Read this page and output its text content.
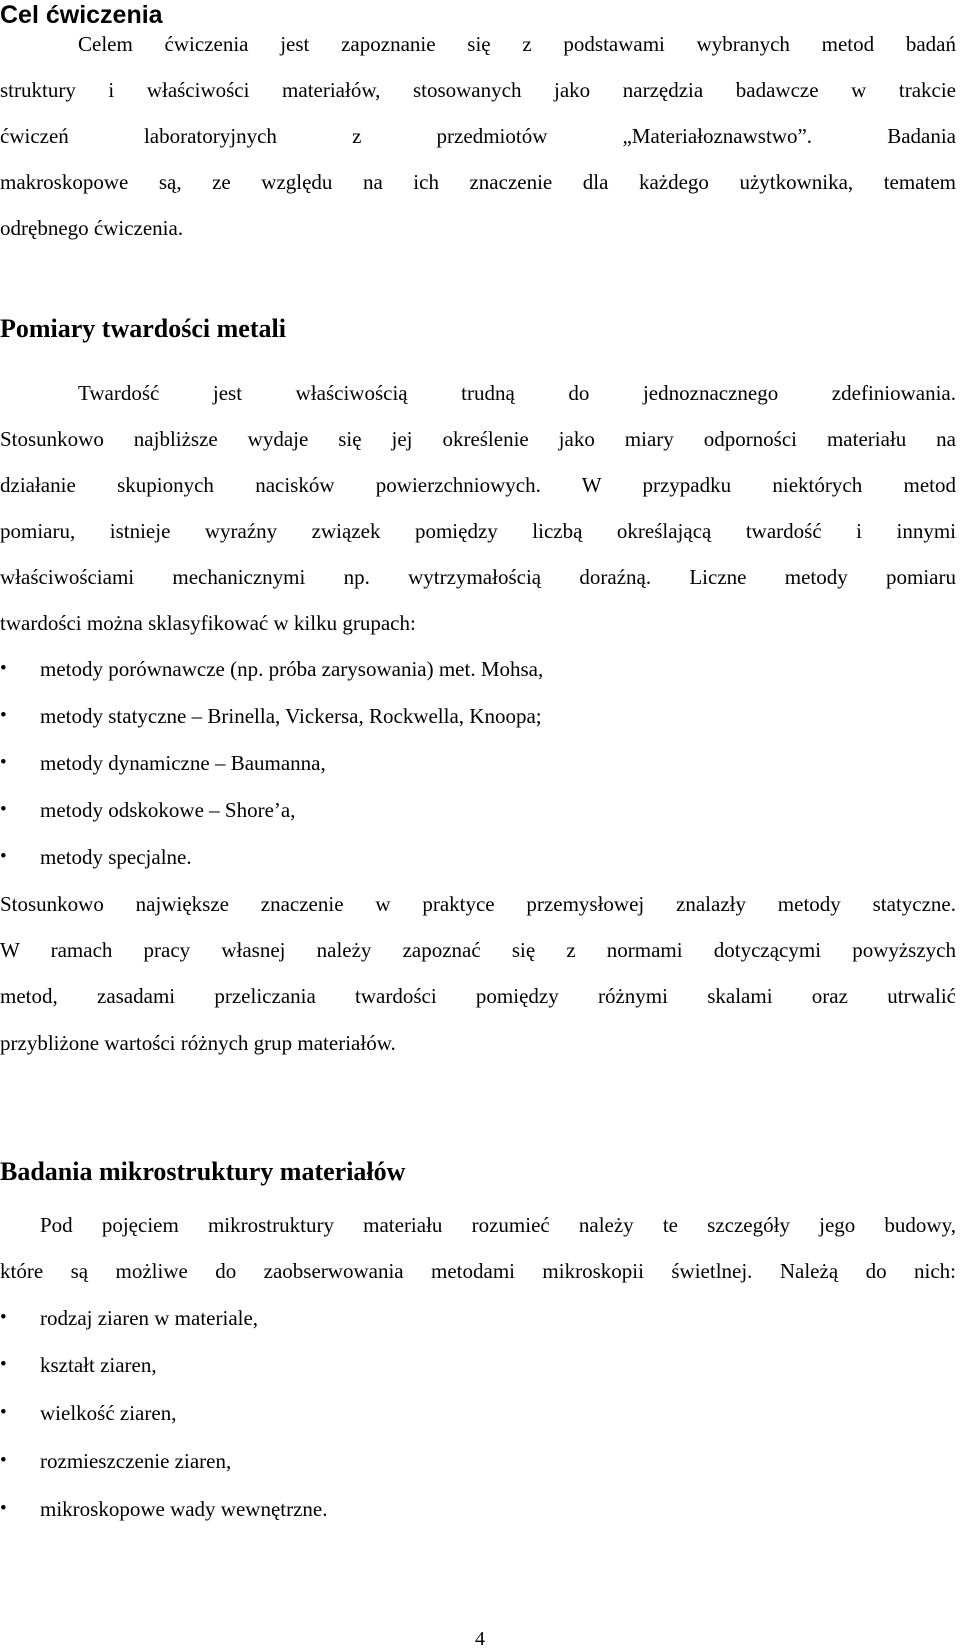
Cel ćwiczenia
Celem ćwiczenia jest zapoznanie się z podstawami wybranych metod badań
struktury i właściwości materiałów, stosowanych jako narzędzia badawcze w trakcie
ćwiczeń laboratoryjnych z przedmiotów „Materiałoznawstwo”. Badania
makroskopowe są, ze względu na ich znaczenie dla każdego użytkownika, tematem
odrębnego ćwiczenia.
Pomiary twardości metali
Twardość jest właściwością trudną do jednoznacznego zdefiniowania.
Stosunkowo najbliższe wydaje się jej określenie jako miary odporności materiału na
działanie skupionych nacisków powierzchniowych. W przypadku niektórych metod
pomiaru, istnieje wyraźny związek pomiędzy liczbą określającą twardość i innymi
właściwościami mechanicznymi np. wytrzymałością doraźną. Liczne metody pomiaru
twardości można sklasyfikować w kilku grupach:
• metody porównawcze (np. próba zarysowania) met. Mohsa,
• metody statyczne – Brinella, Vickersa, Rockwella, Knoopa;
• metody dynamiczne – Baumanna,
• metody odskokowe – Shore’a,
• metody specjalne.
Stosunkowo największe znaczenie w praktyce przemysłowej znalazły metody statyczne.
W ramach pracy własnej należy zapoznać się z normami dotyczącymi powyższych
metod, zasadami przeliczania twardości pomiędzy różnymi skalami oraz utrwalić
przybliżone wartości różnych grup materiałów.
Badania mikrostruktury materiałów
Pod pojęciem mikrostruktury materiału rozumieć należy te szczegóły jego budowy,
które są możliwe do zaobserwowania metodami mikroskopii świetlnej. Należą do nich:
• rodzaj ziaren w materiale,
• kształt ziaren,
• wielkość ziaren,
• rozmieszczenie ziaren,
• mikroskopowe wady wewnętrzne.
4
